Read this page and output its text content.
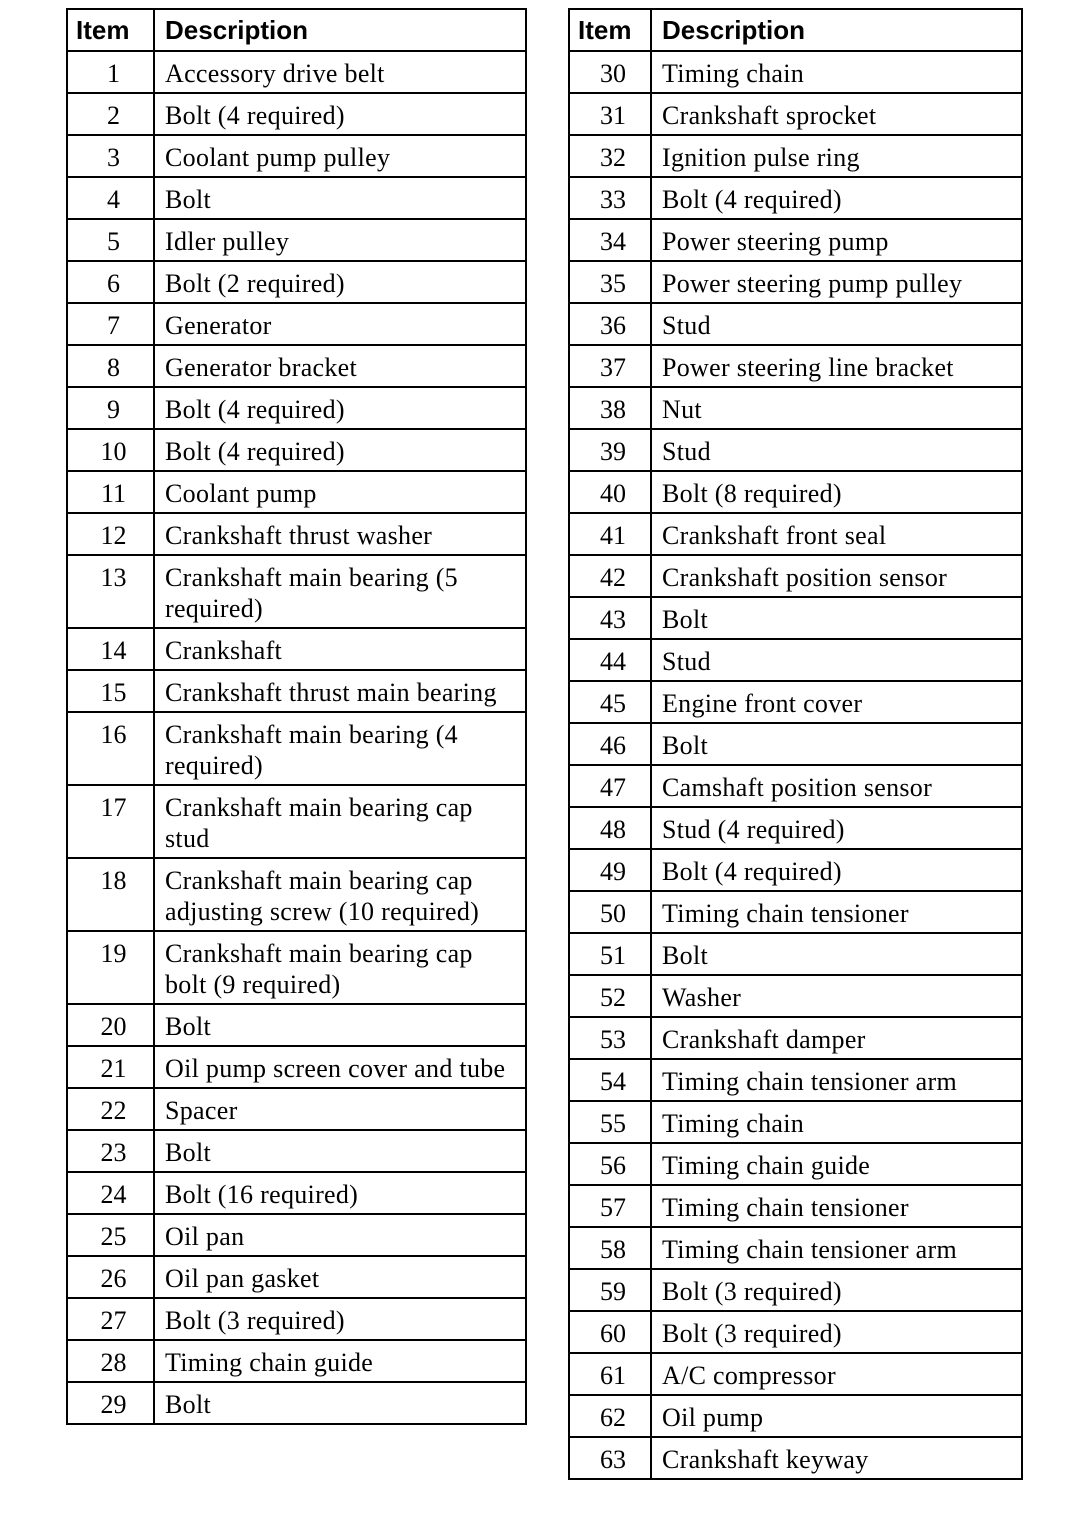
Item	Description
1	Accessory drive belt
2	Bolt (4 required)
3	Coolant pump pulley
4	Bolt
5	Idler pulley
6	Bolt (2 required)
7	Generator
8	Generator bracket
9	Bolt (4 required)
10	Bolt (4 required)
11	Coolant pump
12	Crankshaft thrust washer
13	Crankshaft main bearing (5 required)
14	Crankshaft
15	Crankshaft thrust main bearing
16	Crankshaft main bearing (4 required)
17	Crankshaft main bearing cap stud
18	Crankshaft main bearing cap adjusting screw (10 required)
19	Crankshaft main bearing cap bolt (9 required)
20	Bolt
21	Oil pump screen cover and tube
22	Spacer
23	Bolt
24	Bolt (16 required)
25	Oil pan
26	Oil pan gasket
27	Bolt (3 required)
28	Timing chain guide
29	Bolt
Item	Description
30	Timing chain
31	Crankshaft sprocket
32	Ignition pulse ring
33	Bolt (4 required)
34	Power steering pump
35	Power steering pump pulley
36	Stud
37	Power steering line bracket
38	Nut
39	Stud
40	Bolt (8 required)
41	Crankshaft front seal
42	Crankshaft position sensor
43	Bolt
44	Stud
45	Engine front cover
46	Bolt
47	Camshaft position sensor
48	Stud (4 required)
49	Bolt (4 required)
50	Timing chain tensioner
51	Bolt
52	Washer
53	Crankshaft damper
54	Timing chain tensioner arm
55	Timing chain
56	Timing chain guide
57	Timing chain tensioner
58	Timing chain tensioner arm
59	Bolt (3 required)
60	Bolt (3 required)
61	A/C compressor
62	Oil pump
63	Crankshaft keyway
